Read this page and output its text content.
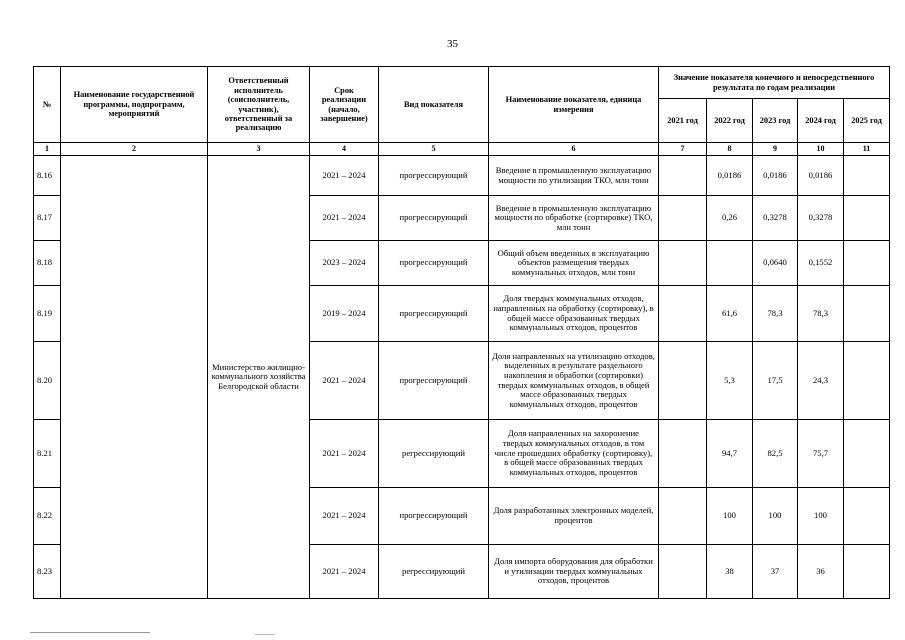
35
№	Наименование государственной программы, подпрограмм, мероприятий	Ответственный исполнитель (соисполнитель, участник), ответственный за реализацию	Срок реализации (начало, завершение)	Вид показателя	Наименование показателя, единица измерения	Значение показателя конечного и непосредственного результата по годам реализации				
						2021 год	2022 год	2023 год	2024 год	2025 год
1	2	3	4	5	6	7	8	9	10	11
8.16		Министерство жилищно-коммунального хозяйства Белгородской области	2021 – 2024	прогрессирующий	Введение в промышленную эксплуатацию мощности по утилизации ТКО, млн тонн		0,0186	0,0186	0,0186	
8.17			2021 – 2024	прогрессирующий	Введение в промышленную эксплуатацию мощности по обработке (сортировке) ТКО, млн тонн		0,26	0,3278	0,3278	
8.18			2023 – 2024	прогрессирующий	Общий объем введенных в эксплуатацию объектов размещения твердых коммунальных отходов, млн тонн			0,0640	0,1552	
8.19			2019 – 2024	прогрессирующий	Доля твердых коммунальных отходов, направленных на обработку (сортировку), в общей массе образованных твердых коммунальных отходов, процентов		61,6	78,3	78,3	
8.20			2021 – 2024	прогрессирующий	Доля направленных на утилизацию отходов, выделенных в результате раздельного накопления и обработки (сортировки) твердых коммунальных отходов, в общей массе образованных твердых коммунальных отходов, процентов		5,3	17,5	24,3	
8.21			2021 – 2024	регрессирующий	Доля направленных на захоронение твердых коммунальных отходов, в том числе прошедших обработку (сортировку), в общей массе образованных твердых коммунальных отходов, процентов		94,7	82,5	75,7	
8.22			2021 – 2024	прогрессирующий	Доля разработанных электронных моделей, процентов		100	100	100	
8.23			2021 – 2024	регрессирующий	Доля импорта оборудования для обработки и утилизации твердых коммунальных отходов, процентов		38	37	36	
